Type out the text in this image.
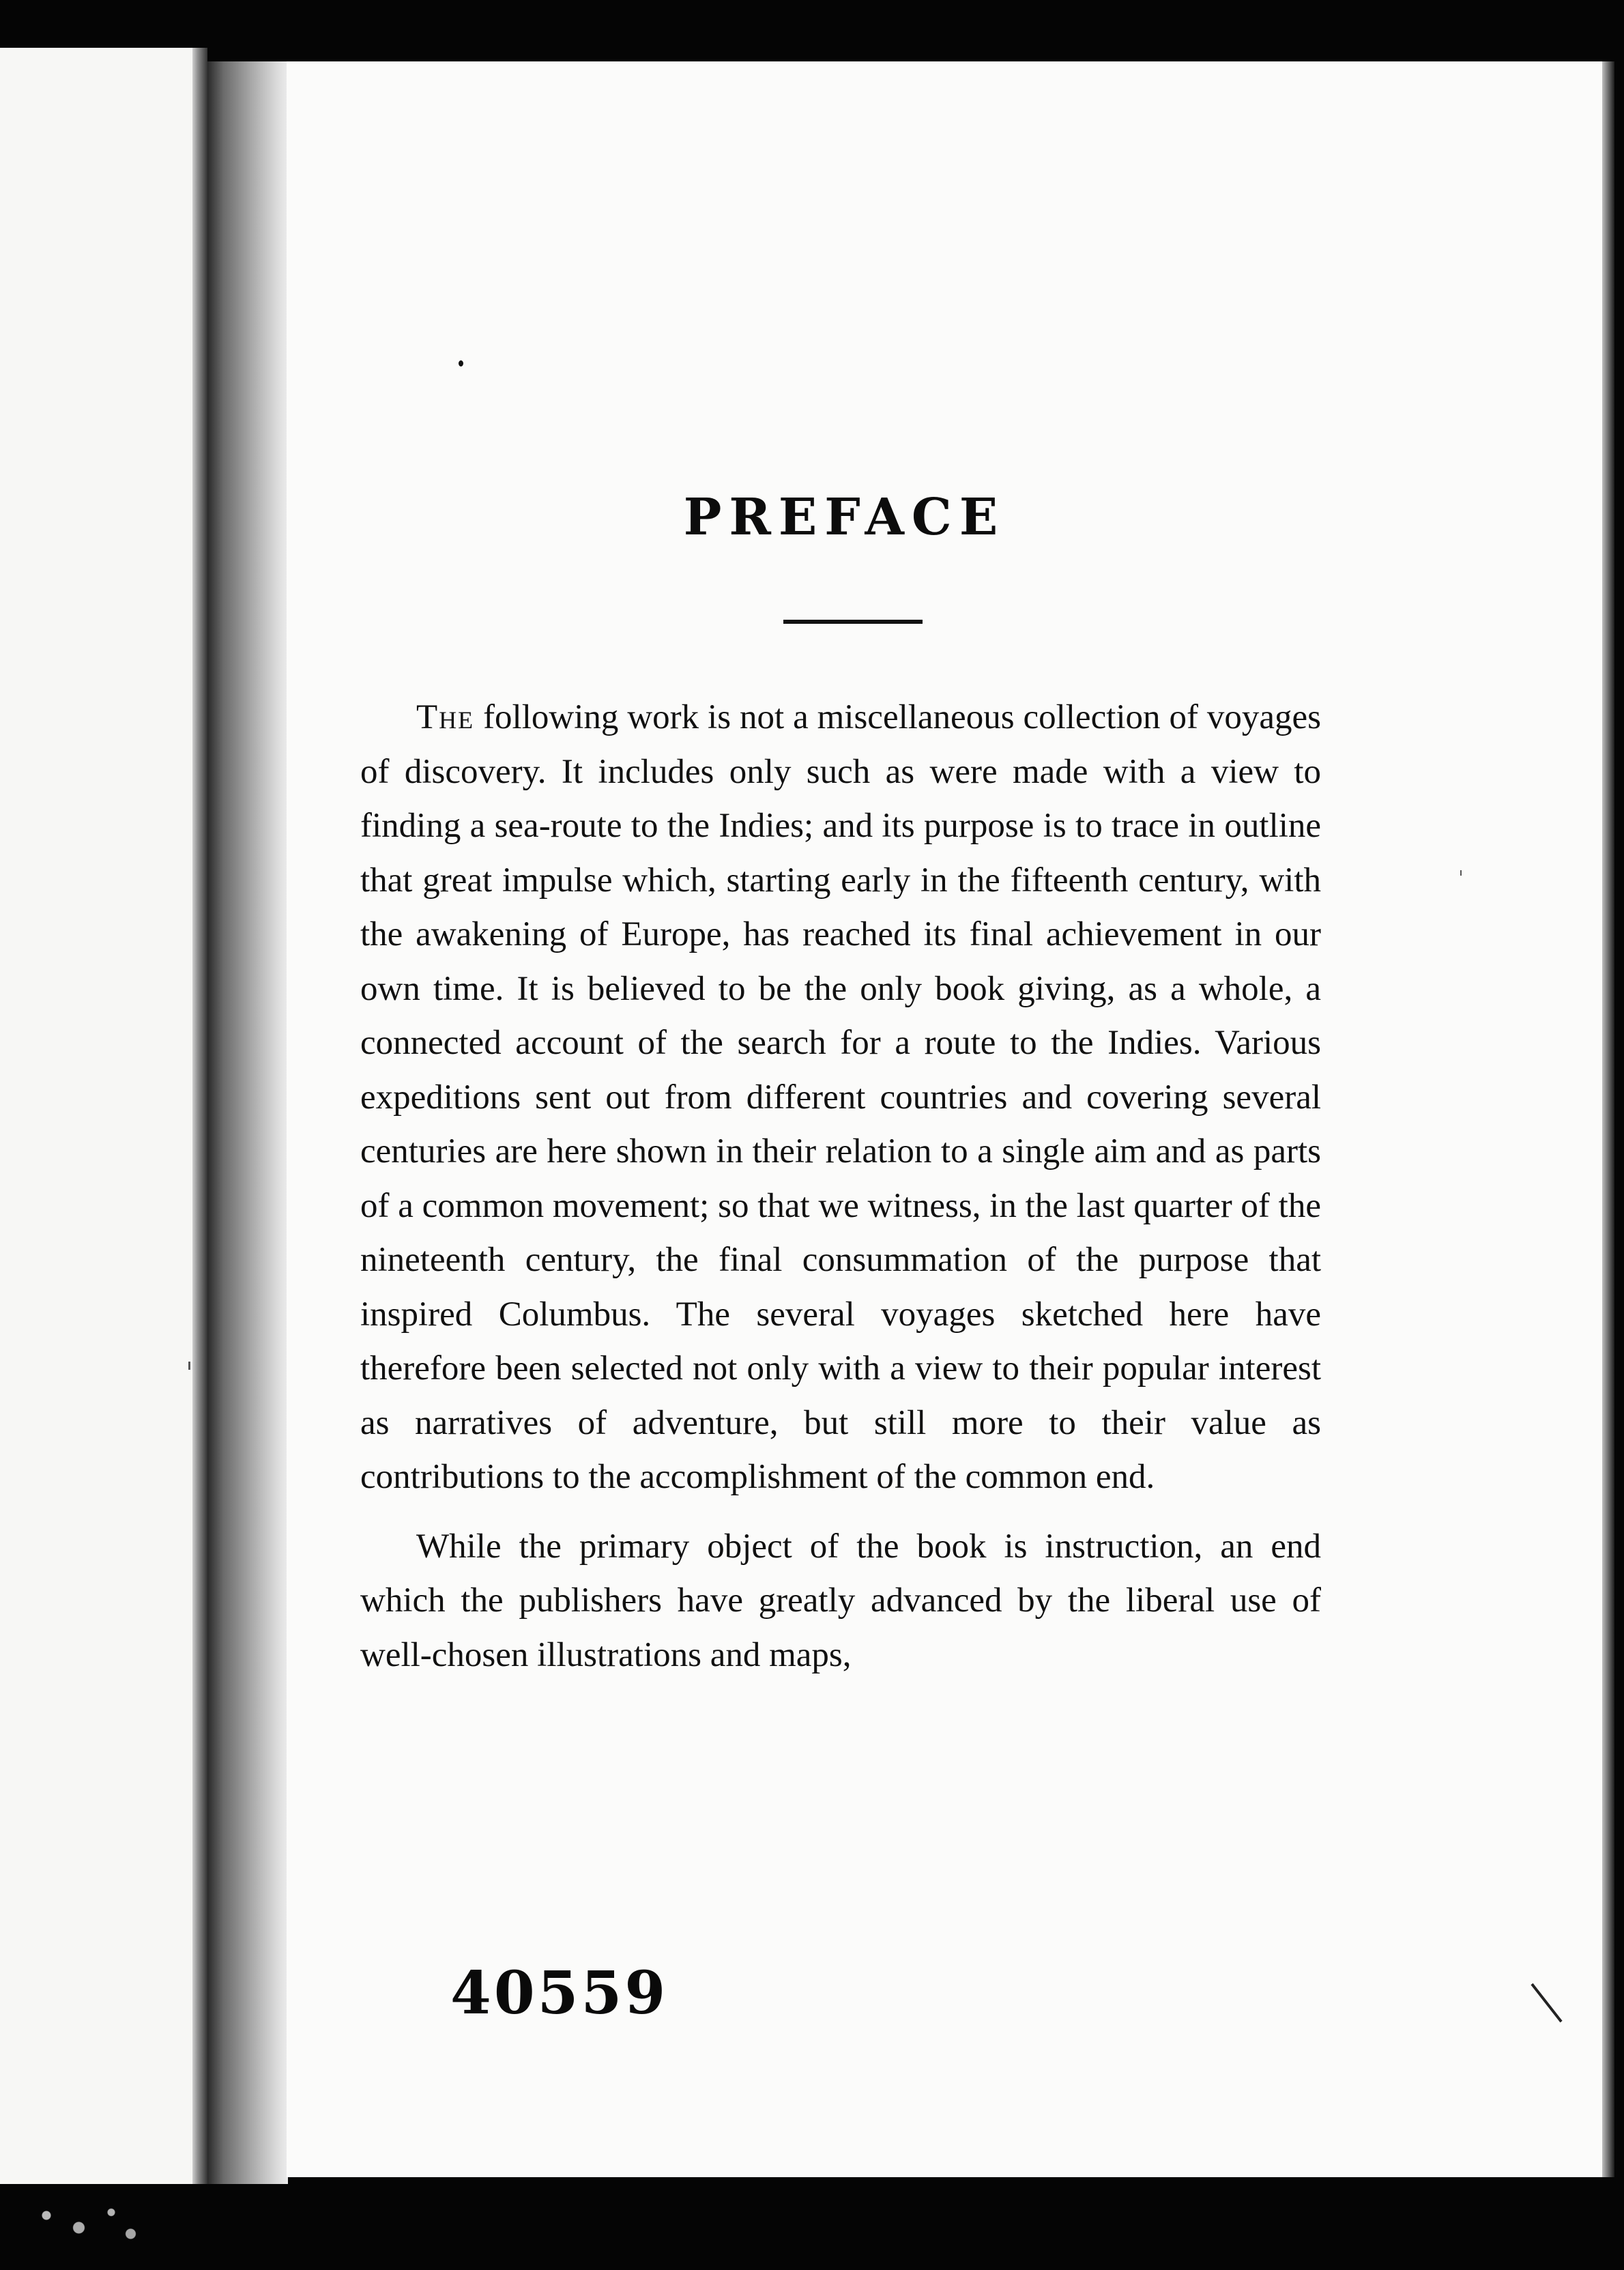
PREFACE

The following work is not a miscellaneous collection of voyages of discovery. It includes only such as were made with a view to finding a sea-route to the Indies; and its purpose is to trace in outline that great impulse which, starting early in the fifteenth century, with the awakening of Europe, has reached its final achievement in our own time. It is believed to be the only book giving, as a whole, a connected account of the search for a route to the Indies. Various expeditions sent out from different countries and covering several centuries are here shown in their relation to a single aim and as parts of a common movement; so that we witness, in the last quarter of the nineteenth century, the final consummation of the purpose that inspired Columbus. The several voyages sketched here have therefore been selected not only with a view to their popular interest as narratives of adventure, but still more to their value as contributions to the accomplishment of the common end.

While the primary object of the book is instruction, an end which the publishers have greatly advanced by the liberal use of well-chosen illustrations and maps,

40559
